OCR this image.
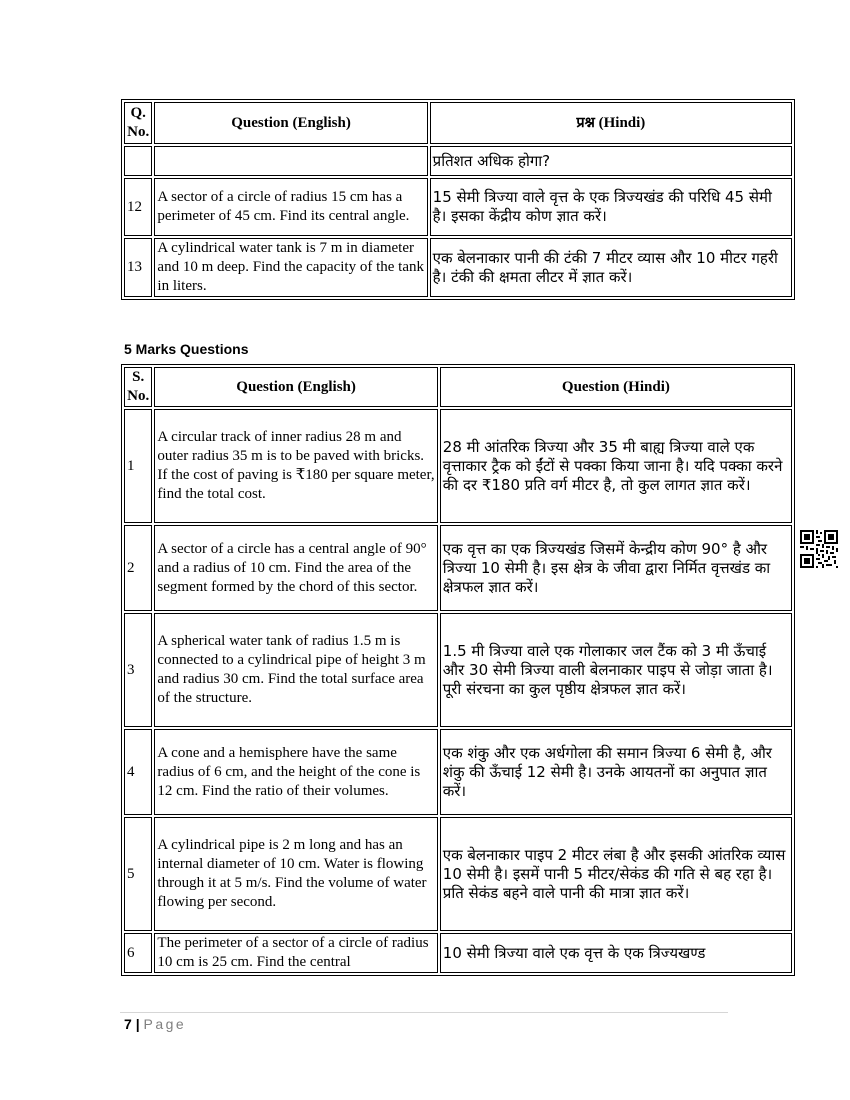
Q. No.	Question (English)	प्रश्न (Hindi)
		प्रतिशत अधिक होगा?
12	A sector of a circle of radius 15 cm has a perimeter of 45 cm. Find its central angle.	15 सेमी त्रिज्या वाले वृत्त के एक त्रिज्यखंड की परिधि 45 सेमी है। इसका केंद्रीय कोण ज्ञात करें।
13	A cylindrical water tank is 7 m in diameter and 10 m deep. Find the capacity of the tank in liters.	एक बेलनाकार पानी की टंकी 7 मीटर व्यास और 10 मीटर गहरी है। टंकी की क्षमता लीटर में ज्ञात करें।
5 Marks Questions
S. No.	Question (English)	Question (Hindi)
1	A circular track of inner radius 28 m and outer radius 35 m is to be paved with bricks. If the cost of paving is ₹180 per square meter, find the total cost.	28 मी आंतरिक त्रिज्या और 35 मी बाह्य त्रिज्या वाले एक वृत्ताकार ट्रैक को ईंटों से पक्का किया जाना है। यदि पक्का करने की दर ₹180 प्रति वर्ग मीटर है, तो कुल लागत ज्ञात करें।
2	A sector of a circle has a central angle of 90° and a radius of 10 cm. Find the area of the segment formed by the chord of this sector.	एक वृत्त का एक त्रिज्यखंड जिसमें केन्द्रीय कोण 90° है और त्रिज्या 10 सेमी है। इस क्षेत्र के जीवा द्वारा निर्मित वृत्तखंड का क्षेत्रफल ज्ञात करें।
3	A spherical water tank of radius 1.5 m is connected to a cylindrical pipe of height 3 m and radius 30 cm. Find the total surface area of the structure.	1.5 मी त्रिज्या वाले एक गोलाकार जल टैंक को 3 मी ऊँचाई और 30 सेमी त्रिज्या वाली बेलनाकार पाइप से जोड़ा जाता है। पूरी संरचना का कुल पृष्ठीय क्षेत्रफल ज्ञात करें।
4	A cone and a hemisphere have the same radius of 6 cm, and the height of the cone is 12 cm. Find the ratio of their volumes.	एक शंकु और एक अर्धगोला की समान त्रिज्या 6 सेमी है, और शंकु की ऊँचाई 12 सेमी है। उनके आयतनों का अनुपात ज्ञात करें।
5	A cylindrical pipe is 2 m long and has an internal diameter of 10 cm. Water is flowing through it at 5 m/s. Find the volume of water flowing per second.	एक बेलनाकार पाइप 2 मीटर लंबा है और इसकी आंतरिक व्यास 10 सेमी है। इसमें पानी 5 मीटर/सेकंड की गति से बह रहा है। प्रति सेकंड बहने वाले पानी की मात्रा ज्ञात करें।
6	The perimeter of a sector of a circle of radius 10 cm is 25 cm. Find the central	10 सेमी त्रिज्या वाले एक वृत्त के एक त्रिज्यखण्ड
7 | Page
